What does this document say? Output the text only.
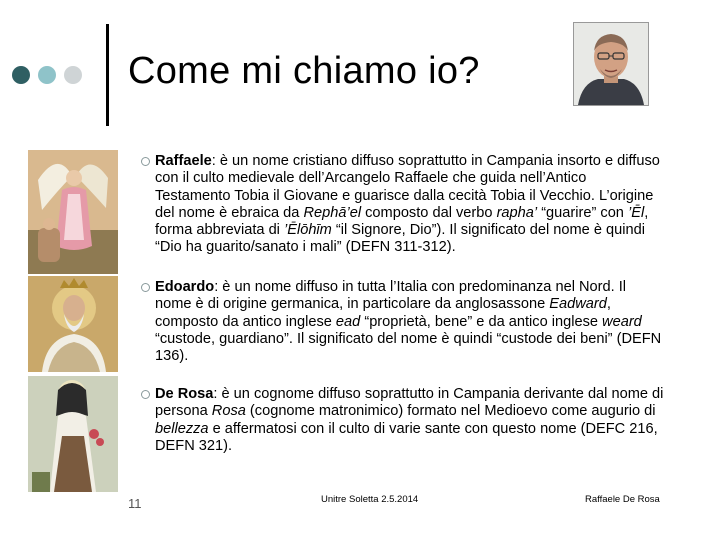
Come mi chiamo io?

Raffaele: è un nome cristiano diffuso soprattutto in Campania insorto e diffuso con il culto medievale dell’Arcangelo Raffaele che guida nell’Antico Testamento Tobia il Giovane e guarisce dalla cecità Tobia il Vecchio. L’origine del nome è ebraica da Rephā’el composto dal verbo rapha’ “guarire” con ’Ēl, forma abbreviata di ’Ēlōhīm “il Signore, Dio”). Il significato del nome è quindi “Dio ha guarito/sanato i mali” (DEFN 311-312).

Edoardo: è un nome diffuso in tutta l’Italia con predominanza nel Nord. Il nome è di origine germanica, in particolare da anglosassone Eadward, composto da antico inglese ead “proprietà, bene” e da antico inglese weard “custode, guardiano”. Il significato del nome è quindi “custode dei beni” (DEFN 136).

De Rosa: è un cognome diffuso soprattutto in Campania derivante dal nome di persona Rosa (cognome matronimico) formato nel Medioevo come augurio di bellezza e affermatosi con il culto di varie sante con questo nome (DEFC 216, DEFN 321).

11	Unitre Soletta 2.5.2014	Raffaele De Rosa
